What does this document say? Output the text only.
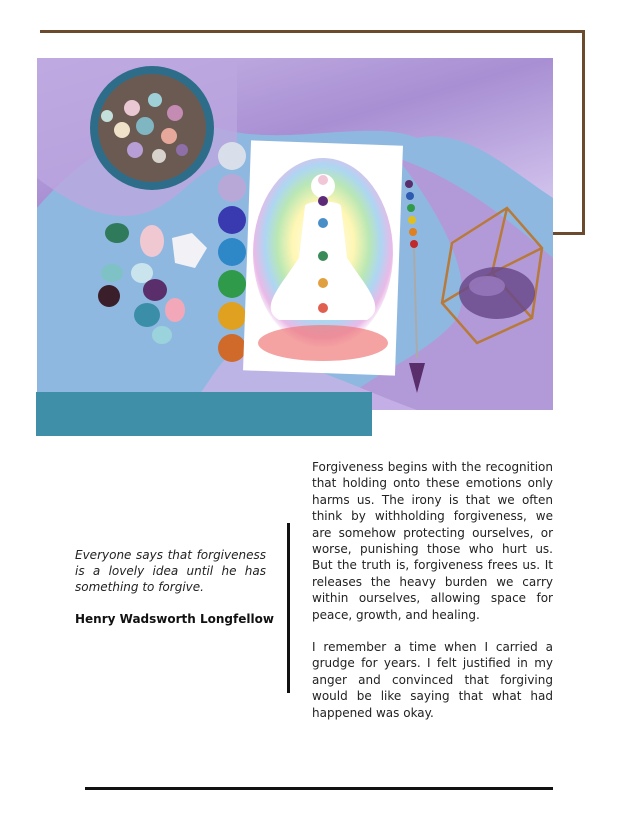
Everyone says that forgiveness is a lovely idea until he has something to forgive.

Henry Wadsworth Longfellow

Forgiveness begins with the recognition that holding onto these emotions only harms us. The irony is that we often think by withholding forgiveness, we are somehow protecting ourselves, or worse, punishing those who hurt us. But the truth is, forgiveness frees us. It releases the heavy burden we carry within ourselves, allowing space for peace, growth, and healing.

I remember a time when I carried a grudge for years. I felt justified in my anger and convinced that forgiving would be like saying that what had happened was okay.
